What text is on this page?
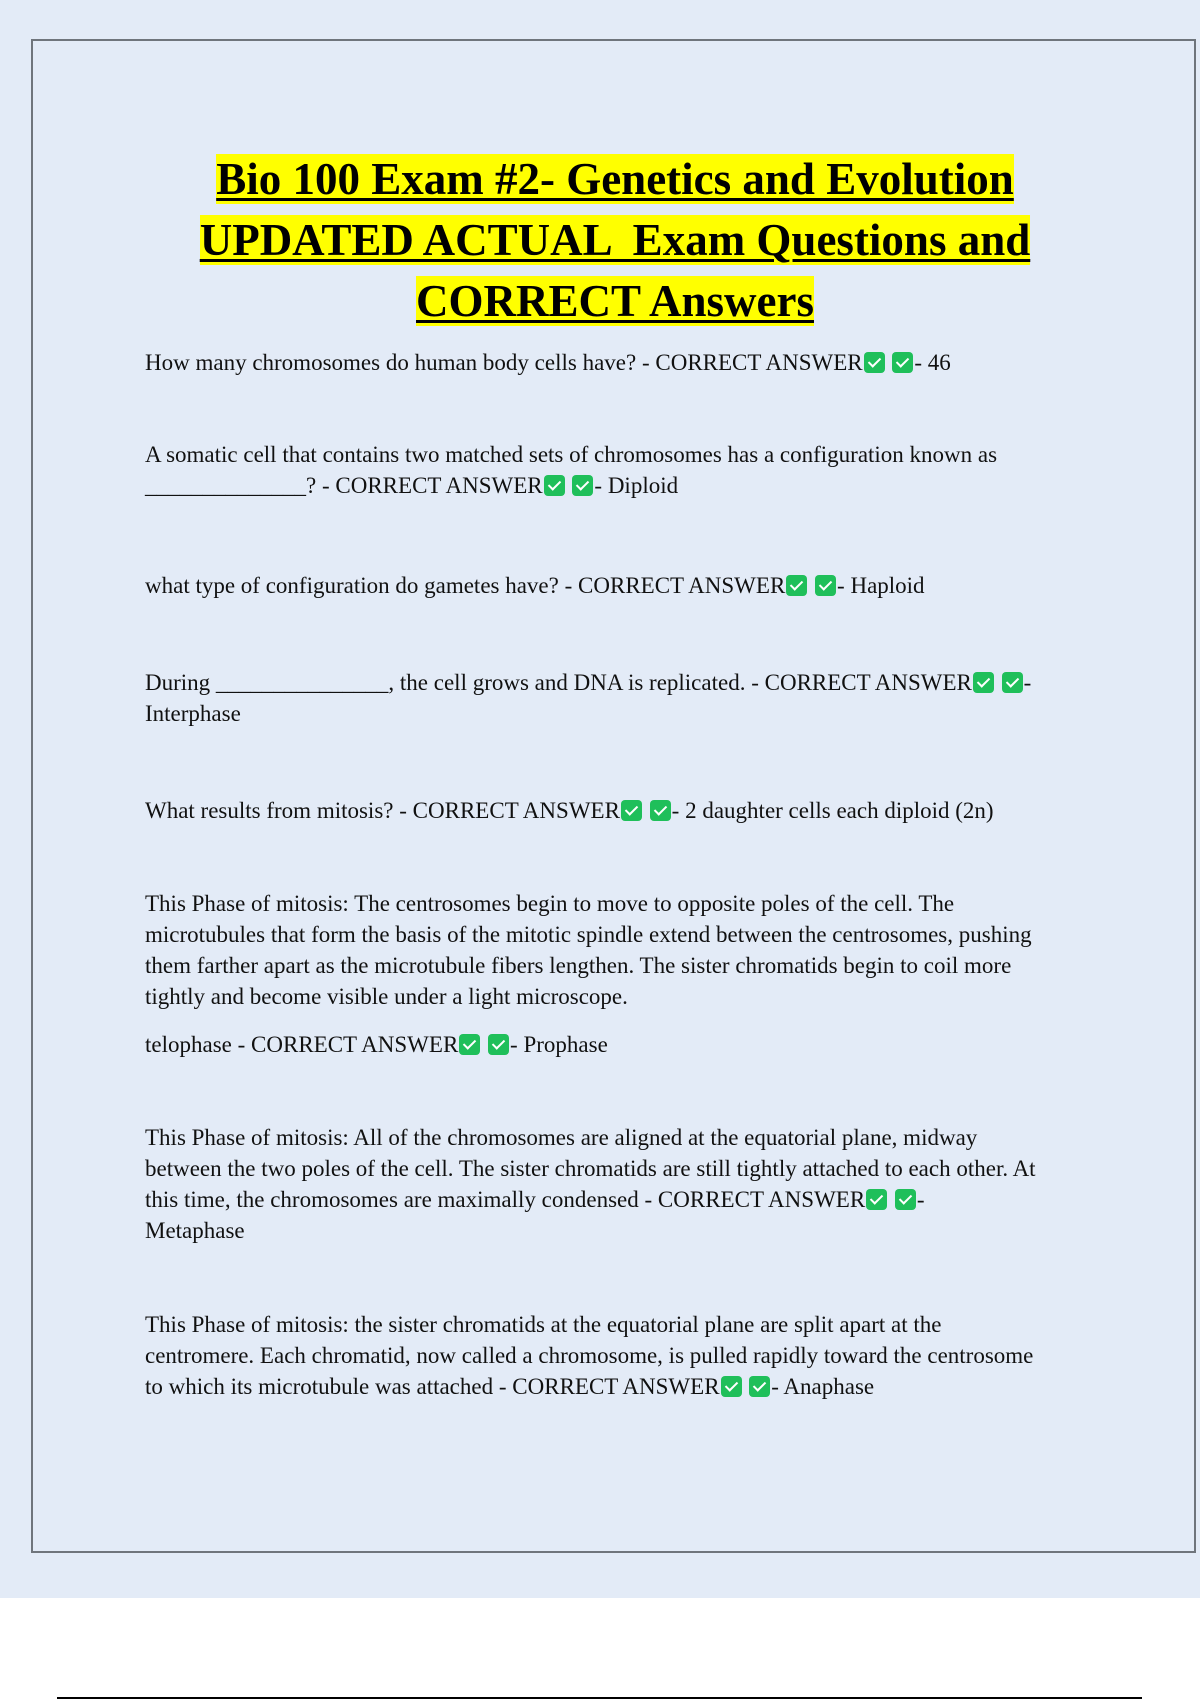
Bio 100 Exam #2- Genetics and Evolution
UPDATED ACTUAL  Exam Questions and
CORRECT Answers
How many chromosomes do human body cells have? - CORRECT ANSWER - 46
A somatic cell that contains two matched sets of chromosomes has a configuration known as
______________? - CORRECT ANSWER - Diploid
what type of configuration do gametes have? - CORRECT ANSWER - Haploid
During _______________, the cell grows and DNA is replicated. - CORRECT ANSWER -
Interphase
What results from mitosis? - CORRECT ANSWER - 2 daughter cells each diploid (2n)
This Phase of mitosis: The centrosomes begin to move to opposite poles of the cell. The
microtubules that form the basis of the mitotic spindle extend between the centrosomes, pushing
them farther apart as the microtubule fibers lengthen. The sister chromatids begin to coil more
tightly and become visible under a light microscope.
telophase - CORRECT ANSWER - Prophase
This Phase of mitosis: All of the chromosomes are aligned at the equatorial plane, midway
between the two poles of the cell. The sister chromatids are still tightly attached to each other. At
this time, the chromosomes are maximally condensed - CORRECT ANSWER -
Metaphase
This Phase of mitosis: the sister chromatids at the equatorial plane are split apart at the
centromere. Each chromatid, now called a chromosome, is pulled rapidly toward the centrosome
to which its microtubule was attached - CORRECT ANSWER - Anaphase
